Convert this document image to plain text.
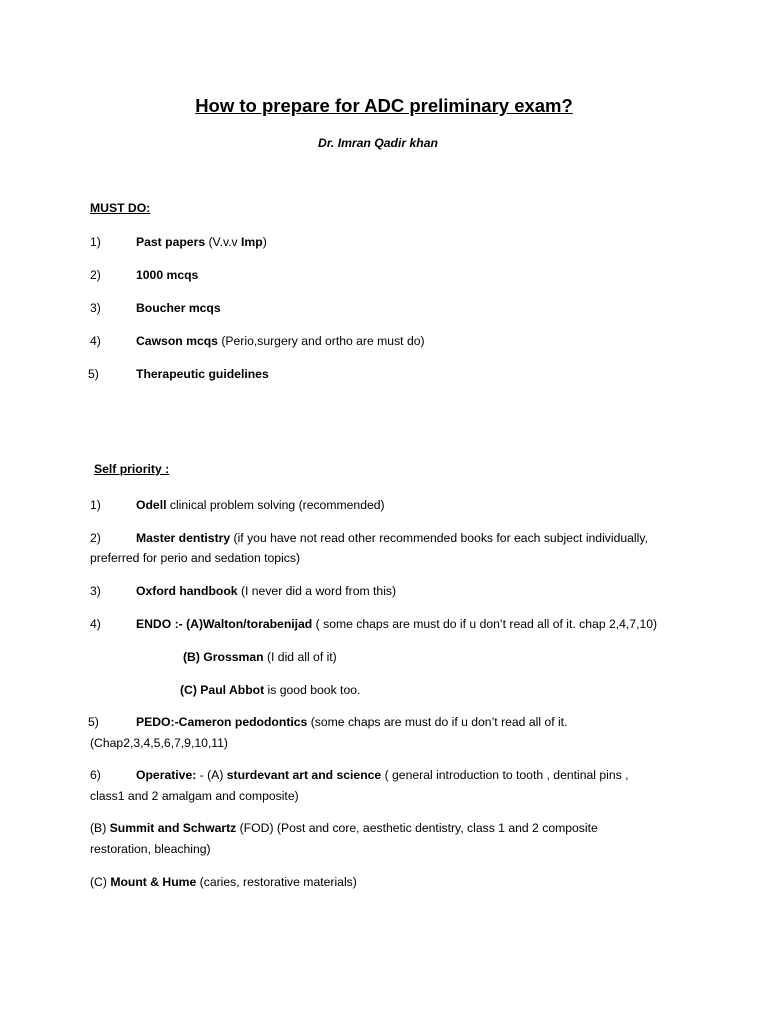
How to prepare for ADC preliminary exam?
Dr. Imran Qadir khan
MUST DO:
1)	Past papers (V.v.v Imp)
2)	1000 mcqs
3)	Boucher mcqs
4)	Cawson mcqs (Perio,surgery and ortho are must do)
5)	Therapeutic guidelines
Self priority :
1)	Odell clinical problem solving (recommended)
2)	Master dentistry (if you have not read other recommended books for each subject individually,
preferred for perio and sedation topics)
3)	Oxford handbook (I never did a word from this)
4)	ENDO :- (A)Walton/torabenijad ( some chaps are must do if u don’t read all of it. chap 2,4,7,10)
(B) Grossman (I did all of it)
(C) Paul Abbot is good book too.
5)	PEDO:-Cameron pedodontics (some chaps are must do if u don’t read all of it.
(Chap2,3,4,5,6,7,9,10,11)
6)	Operative: - (A) sturdevant art and science ( general introduction to tooth , dentinal pins ,
class1 and 2 amalgam and composite)
(B) Summit and Schwartz (FOD) (Post and core, aesthetic dentistry, class 1 and 2 composite
restoration, bleaching)
(C) Mount & Hume (caries, restorative materials)
